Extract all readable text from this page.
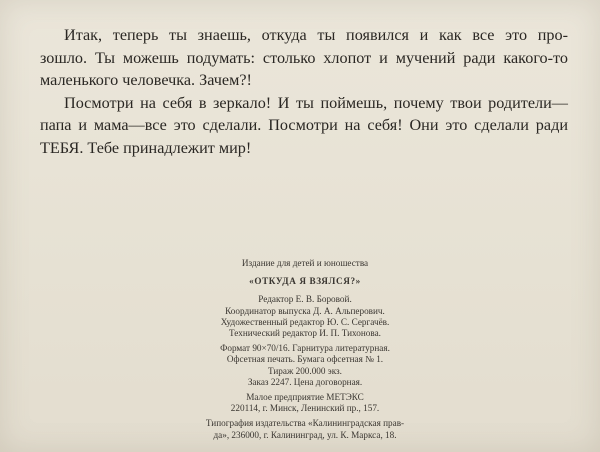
Итак, теперь ты знаешь, откуда ты появился и как все это про-
зошло. Ты можешь подумать: столько хлопот и мучений ради какого-то
маленького человечка. Зачем?!

Посмотри на себя в зеркало! И ты поймешь, почему твои родители—
папа и мама—все это сделали. Посмотри на себя! Они это сделали ради
ТЕБЯ. Тебе принадлежит мир!

Издание для детей и юношества
«ОТКУДА Я ВЗЯЛСЯ?»
Редактор Е. В. Боровой.
Координатор выпуска Д. А. Альперович.
Художественный редактор Ю. С. Сергачёв.
Технический редактор И. П. Тихонова.
Формат 90×70/16. Гарнитура литературная.
Офсетная печать. Бумага офсетная № 1.
Тираж 200.000 экз.
Заказ 2247. Цена договорная.
Малое предприятие МЕТЭКС
220114, г. Минск, Ленинский пр., 157.
Типография издательства «Калининградская прав-
да», 236000, г. Калининград, ул. К. Маркса, 18.
